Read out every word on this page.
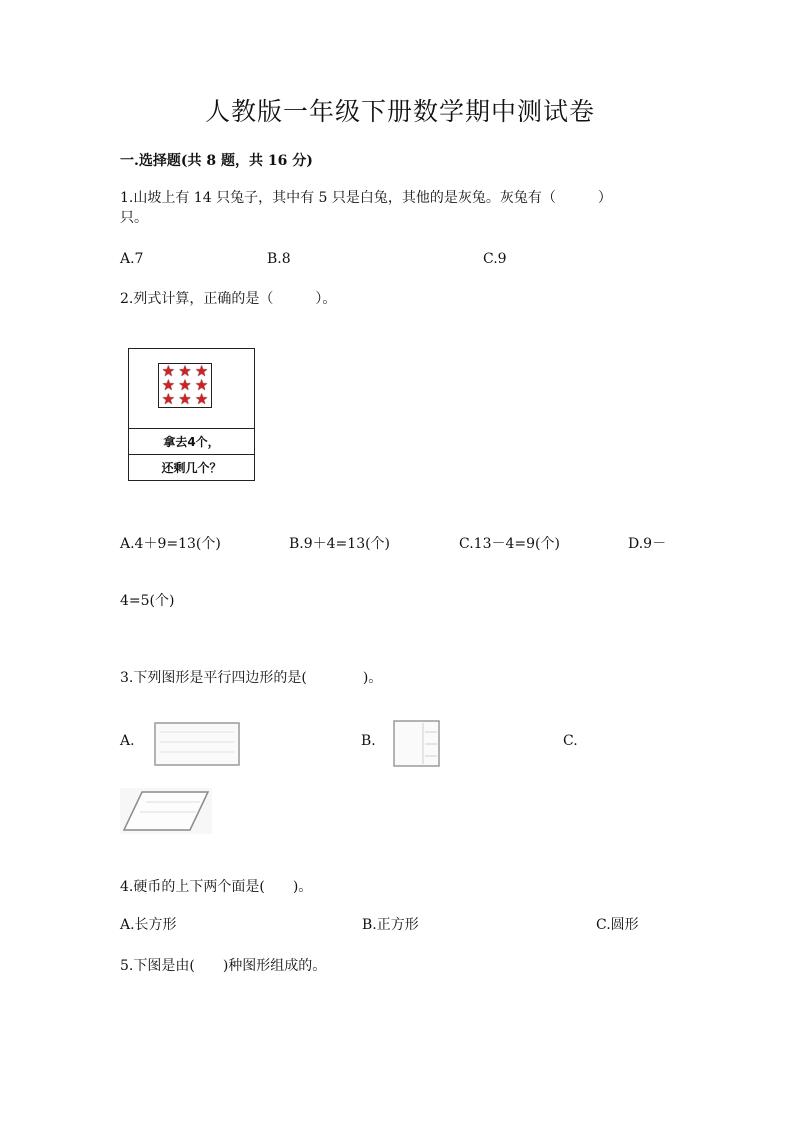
人教版一年级下册数学期中测试卷
一.选择题(共 8 题，共 16 分)
1.山坡上有 14 只兔子，其中有 5 只是白兔，其他的是灰兔。灰兔有（　　　）
只。
A.7	B.8	C.9
2.列式计算，正确的是（　　　）。
★ ★ ★
★ ★ ★
★ ★ ★
拿去4个，
还剩几个？
A.4＋9=13(个)	B.9＋4=13(个)	C.13－4=9(个)	D.9－
4=5(个)
3.下列图形是平行四边形的是(　　　　)。
A.	B.	C.
4.硬币的上下两个面是(　　)。
A.长方形	B.正方形	C.圆形
5.下图是由(　　)种图形组成的。
